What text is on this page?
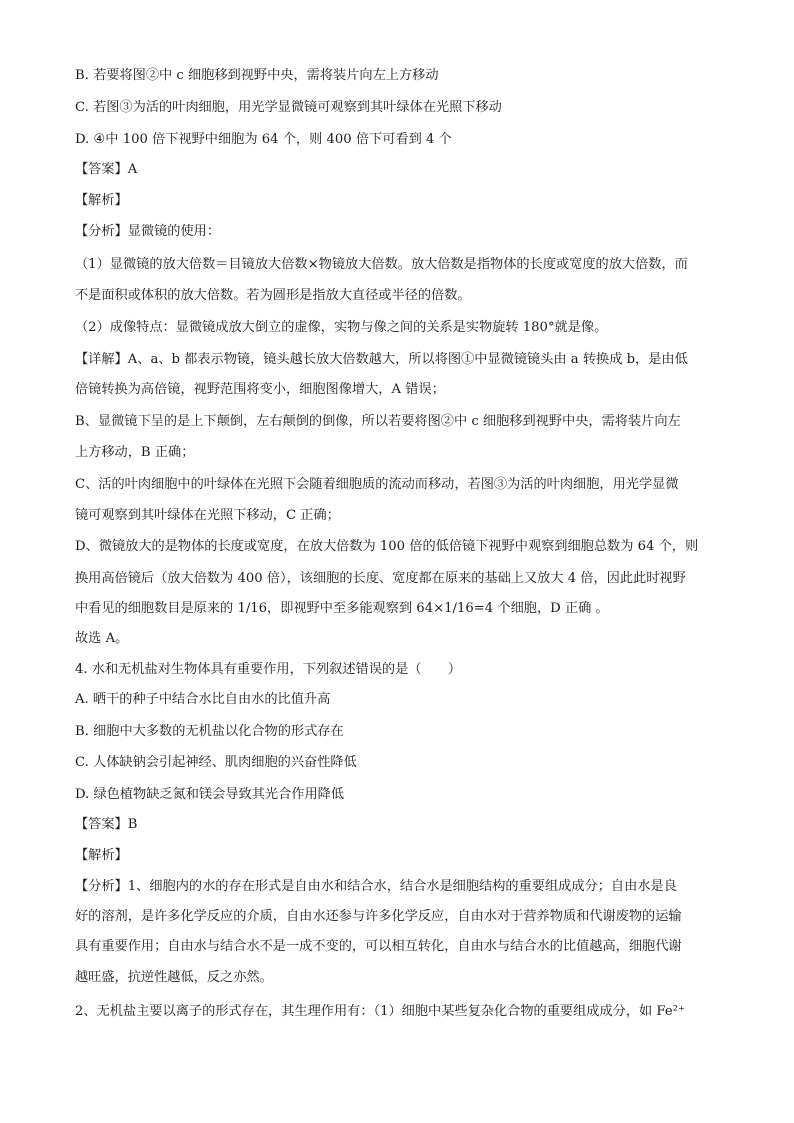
B. 若要将图②中 c 细胞移到视野中央，需将装片向左上方移动
C. 若图③为活的叶肉细胞，用光学显微镜可观察到其叶绿体在光照下移动
D. ④中 100 倍下视野中细胞为 64 个，则 400 倍下可看到 4 个
【答案】A
【解析】
【分析】显微镜的使用：
（1）显微镜的放大倍数＝目镜放大倍数×物镜放大倍数。放大倍数是指物体的长度或宽度的放大倍数，而
不是面积或体积的放大倍数。若为圆形是指放大直径或半径的倍数。
（2）成像特点：显微镜成放大倒立的虚像，实物与像之间的关系是实物旋转 180°就是像。
【详解】A、a、b 都表示物镜，镜头越长放大倍数越大，所以将图①中显微镜镜头由 a 转换成 b，是由低
倍镜转换为高倍镜，视野范围将变小，细胞图像增大，A 错误；
B、显微镜下呈的是上下颠倒，左右颠倒的倒像，所以若要将图②中 c 细胞移到视野中央，需将装片向左
上方移动，B 正确；
C、活的叶肉细胞中的叶绿体在光照下会随着细胞质的流动而移动，若图③为活的叶肉细胞，用光学显微
镜可观察到其叶绿体在光照下移动，C 正确；
D、微镜放大的是物体的长度或宽度，在放大倍数为 100 倍的低倍镜下视野中观察到细胞总数为 64 个，则
换用高倍镜后（放大倍数为 400 倍），该细胞的长度、宽度都在原来的基础上又放大 4 倍，因此此时视野
中看见的细胞数目是原来的 1/16，即视野中至多能观察到 64×1/16=4 个细胞，D 正确 。
故选 A。
4. 水和无机盐对生物体具有重要作用，下列叙述错误的是（　　）
A. 晒干的种子中结合水比自由水的比值升高
B. 细胞中大多数的无机盐以化合物的形式存在
C. 人体缺钠会引起神经、肌肉细胞的兴奋性降低
D. 绿色植物缺乏氮和镁会导致其光合作用降低
【答案】B
【解析】
【分析】1、细胞内的水的存在形式是自由水和结合水，结合水是细胞结构的重要组成成分；自由水是良
好的溶剂，是许多化学反应的介质，自由水还参与许多化学反应，自由水对于营养物质和代谢废物的运输
具有重要作用；自由水与结合水不是一成不变的，可以相互转化，自由水与结合水的比值越高，细胞代谢
越旺盛，抗逆性越低，反之亦然。
2、无机盐主要以离子的形式存在，其生理作用有：（1）细胞中某些复杂化合物的重要组成成分，如 Fe²⁺
